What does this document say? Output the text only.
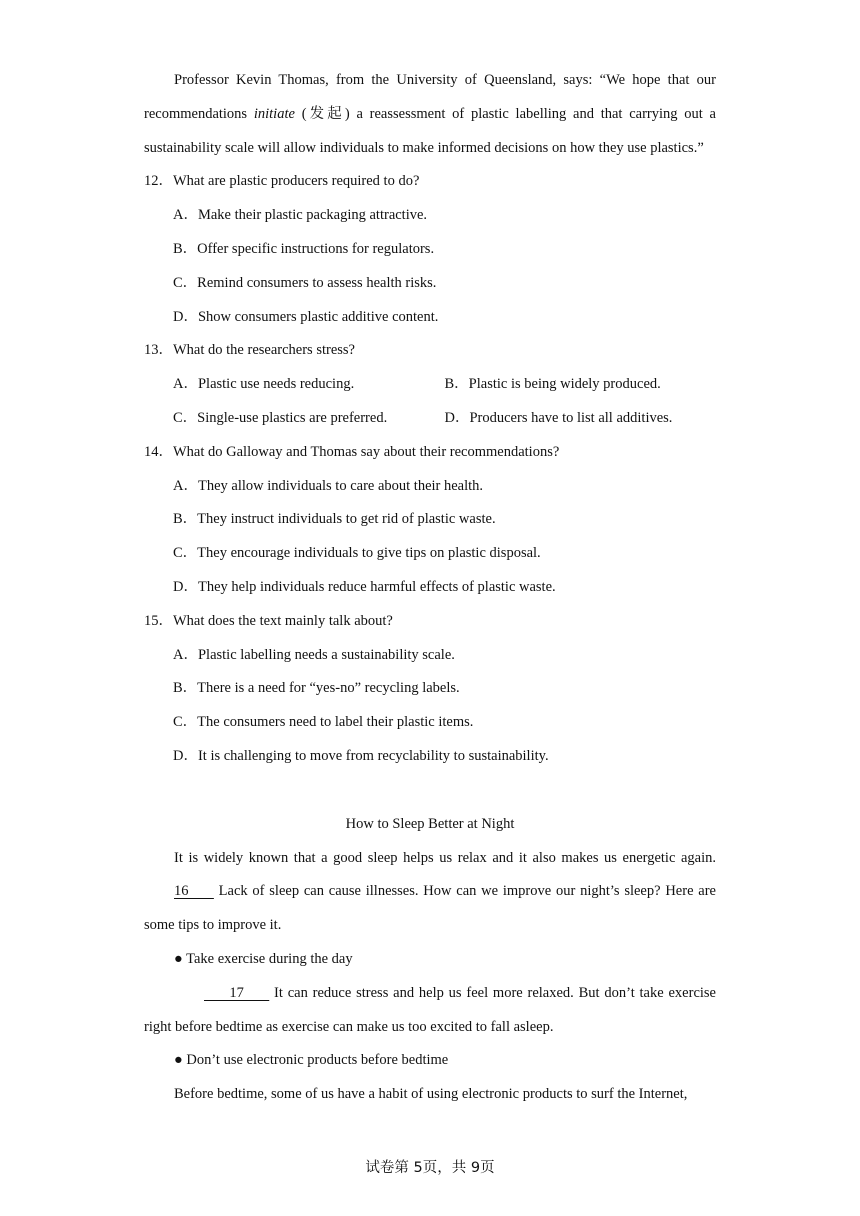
Professor Kevin Thomas, from the University of Queensland, says: “We hope that our recommendations initiate (发起) a reassessment of plastic labelling and that carrying out a sustainability scale will allow individuals to make informed decisions on how they use plastics.”

12．What are plastic producers required to do?

A．Make their plastic packaging attractive.

B．Offer specific instructions for regulators.

C．Remind consumers to assess health risks.

D．Show consumers plastic additive content.

13．What do the researchers stress?

A．Plastic use needs reducing.	B．Plastic is being widely produced.
C．Single-use plastics are preferred.	D．Producers have to list all additives.

14．What do Galloway and Thomas say about their recommendations?

A．They allow individuals to care about their health.

B．They instruct individuals to get rid of plastic waste.

C．They encourage individuals to give tips on plastic disposal.

D．They help individuals reduce harmful effects of plastic waste.

15．What does the text mainly talk about?

A．Plastic labelling needs a sustainability scale.

B．There is a need for “yes-no” recycling labels.

C．The consumers need to label their plastic items.

D．It is challenging to move from recyclability to sustainability.

How to Sleep Better at Night

It is widely known that a good sleep helps us relax and it also makes us energetic again. 16        Lack of sleep can cause illnesses. How can we improve our night’s sleep? Here are some tips to improve it.

● Take exercise during the day

17        It can reduce stress and help us feel more relaxed. But don’t take exercise right before bedtime as exercise can make us too excited to fall asleep.

● Don’t use electronic products before bedtime

Before bedtime, some of us have a habit of using electronic products to surf the Internet,

试卷第 5页，共 9页
